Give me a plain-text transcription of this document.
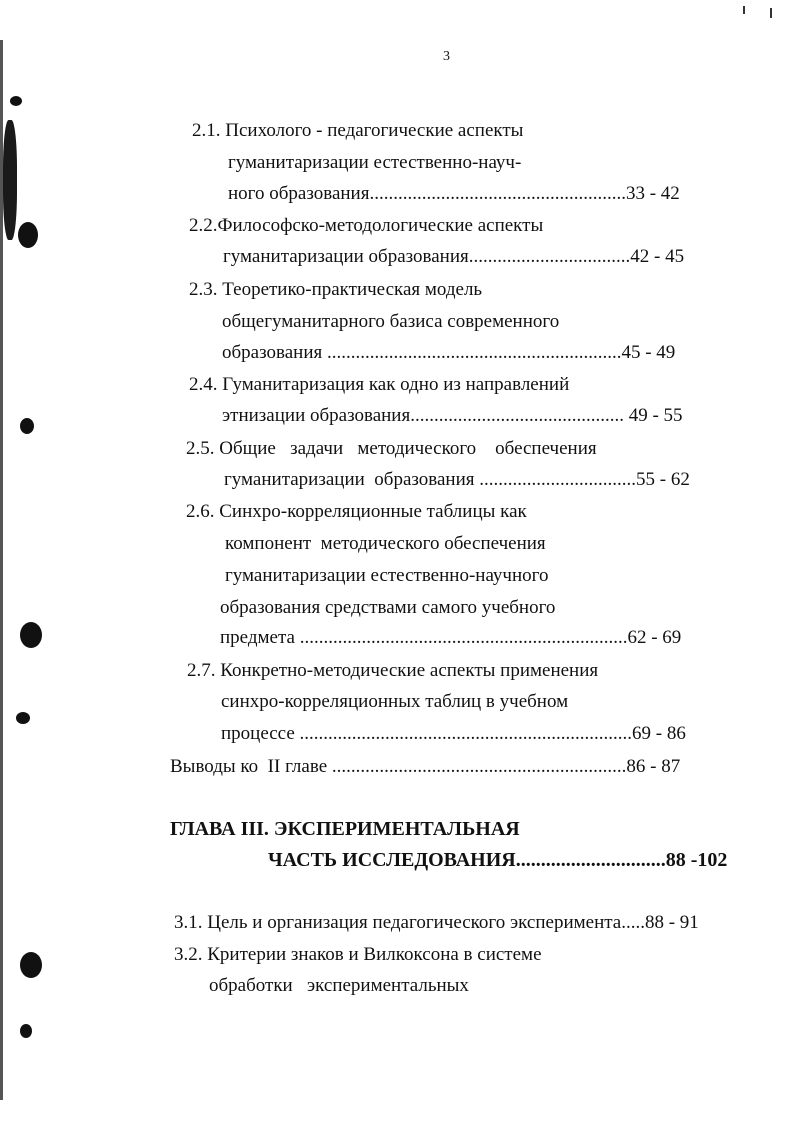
3
2.1. Психолого - педагогические аспекты
гуманитаризации естественно-науч-
ного образования......................................................33 - 42
2.2.Философско-методологические аспекты
гуманитаризации образования..................................42 - 45
2.3. Теоретико-практическая модель
общегуманитарного базиса современного
образования ..............................................................45 - 49
2.4. Гуманитаризация как одно из направлений
этнизации образования............................................. 49 - 55
2.5. Общие   задачи   методического    обеспечения
гуманитаризации  образования .................................55 - 62
2.6. Синхро-корреляционные таблицы как
компонент  методического обеспечения
гуманитаризации естественно-научного
образования средствами самого учебного
предмета .....................................................................62 - 69
2.7. Конкретно-методические аспекты применения
синхро-корреляционных таблиц в учебном
процессе ......................................................................69 - 86
Выводы ко  II главе ..............................................................86 - 87
ГЛАВА III. ЭКСПЕРИМЕНТАЛЬНАЯ
ЧАСТЬ ИССЛЕДОВАНИЯ..............................88 -102
3.1. Цель и организация педагогического эксперимента.....88 - 91
3.2. Критерии знаков и Вилкоксона в системе
обработки   экспериментальных
